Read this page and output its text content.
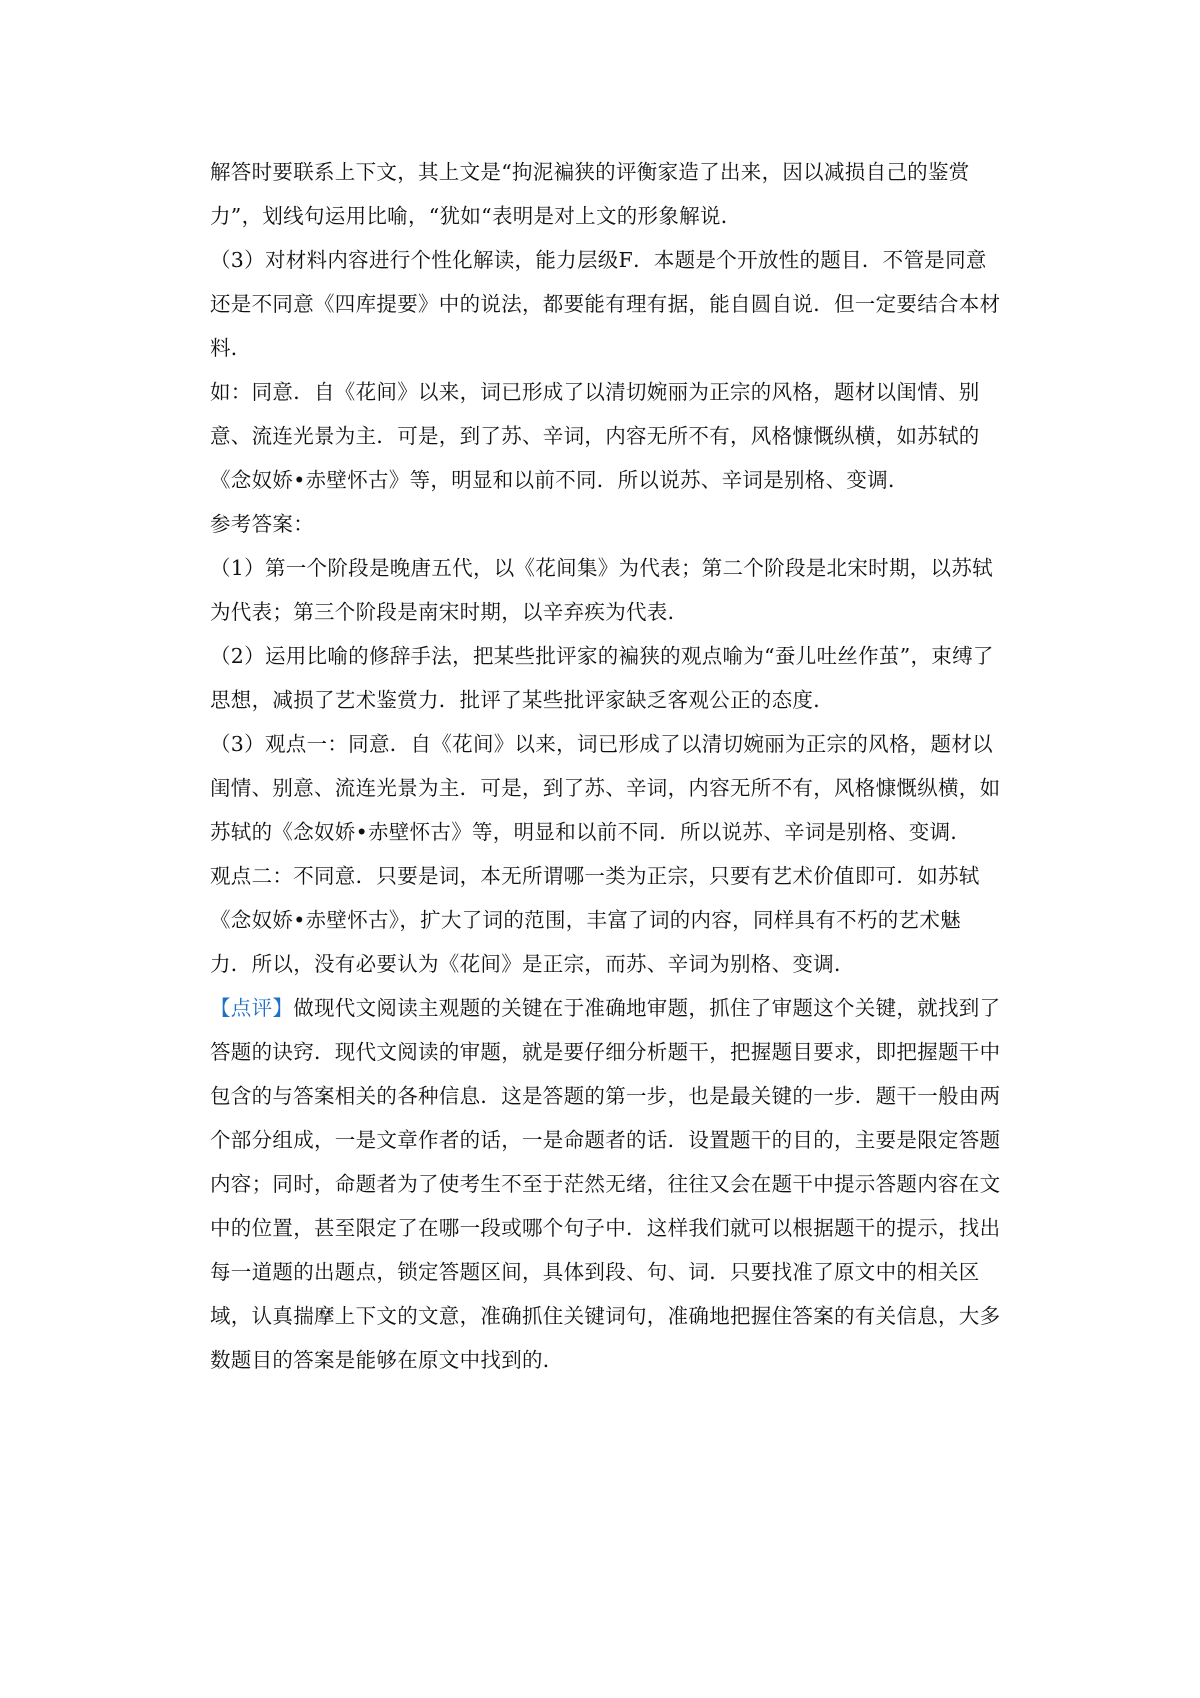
解答时要联系上下文，其上文是“拘泥褊狭的评衡家造了出来，因以减损自己的鉴赏
力”，划线句运用比喻，“犹如“表明是对上文的形象解说．
（3）对材料内容进行个性化解读，能力层级F．本题是个开放性的题目．不管是同意
还是不同意《四库提要》中的说法，都要能有理有据，能自圆自说．但一定要结合本材
料．
如：同意．自《花间》以来，词已形成了以清切婉丽为正宗的风格，题材以闺情、别
意、流连光景为主．可是，到了苏、辛词，内容无所不有，风格慷慨纵横，如苏轼的
《念奴娇•赤壁怀古》等，明显和以前不同．所以说苏、辛词是别格、变调．
参考答案：
（1）第一个阶段是晚唐五代，以《花间集》为代表；第二个阶段是北宋时期，以苏轼
为代表；第三个阶段是南宋时期，以辛弃疾为代表．
（2）运用比喻的修辞手法，把某些批评家的褊狭的观点喻为“蚕儿吐丝作茧”，束缚了
思想，减损了艺术鉴赏力．批评了某些批评家缺乏客观公正的态度．
（3）观点一：同意．自《花间》以来，词已形成了以清切婉丽为正宗的风格，题材以
闺情、别意、流连光景为主．可是，到了苏、辛词，内容无所不有，风格慷慨纵横，如
苏轼的《念奴娇•赤壁怀古》等，明显和以前不同．所以说苏、辛词是别格、变调．
观点二：不同意．只要是词，本无所谓哪一类为正宗，只要有艺术价值即可．如苏轼
《念奴娇•赤壁怀古》，扩大了词的范围，丰富了词的内容，同样具有不朽的艺术魅
力．所以，没有必要认为《花间》是正宗，而苏、辛词为别格、变调．
【点评】做现代文阅读主观题的关键在于准确地审题，抓住了审题这个关键，就找到了
答题的诀窍．现代文阅读的审题，就是要仔细分析题干，把握题目要求，即把握题干中
包含的与答案相关的各种信息．这是答题的第一步，也是最关键的一步．题干一般由两
个部分组成，一是文章作者的话，一是命题者的话．设置题干的目的，主要是限定答题
内容；同时，命题者为了使考生不至于茫然无绪，往往又会在题干中提示答题内容在文
中的位置，甚至限定了在哪一段或哪个句子中．这样我们就可以根据题干的提示，找出
每一道题的出题点，锁定答题区间，具体到段、句、词．只要找准了原文中的相关区
域，认真揣摩上下文的文意，准确抓住关键词句，准确地把握住答案的有关信息，大多
数题目的答案是能够在原文中找到的．
